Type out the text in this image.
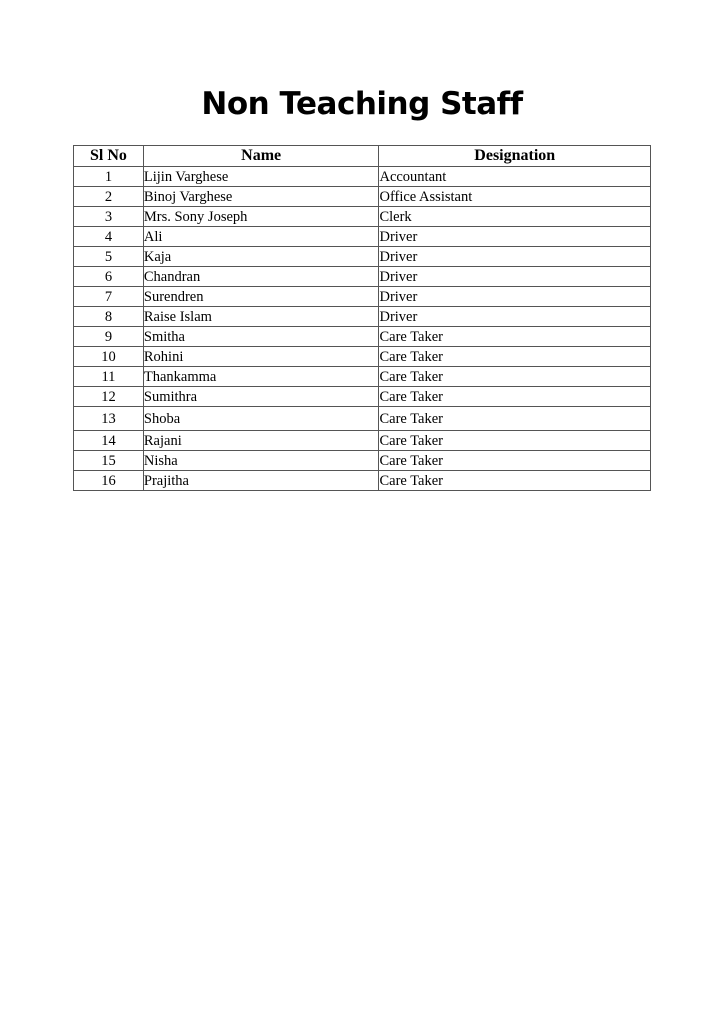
Non Teaching Staff
Sl No	Name	Designation
1	Lijin Varghese	Accountant
2	Binoj Varghese	Office Assistant
3	Mrs. Sony Joseph	Clerk
4	Ali	Driver
5	Kaja	Driver
6	Chandran	Driver
7	Surendren	Driver
8	Raise Islam	Driver
9	Smitha	Care Taker
10	Rohini	Care Taker
11	Thankamma	Care Taker
12	Sumithra	Care Taker
13	Shoba	Care Taker
14	Rajani	Care Taker
15	Nisha	Care Taker
16	Prajitha	Care Taker
